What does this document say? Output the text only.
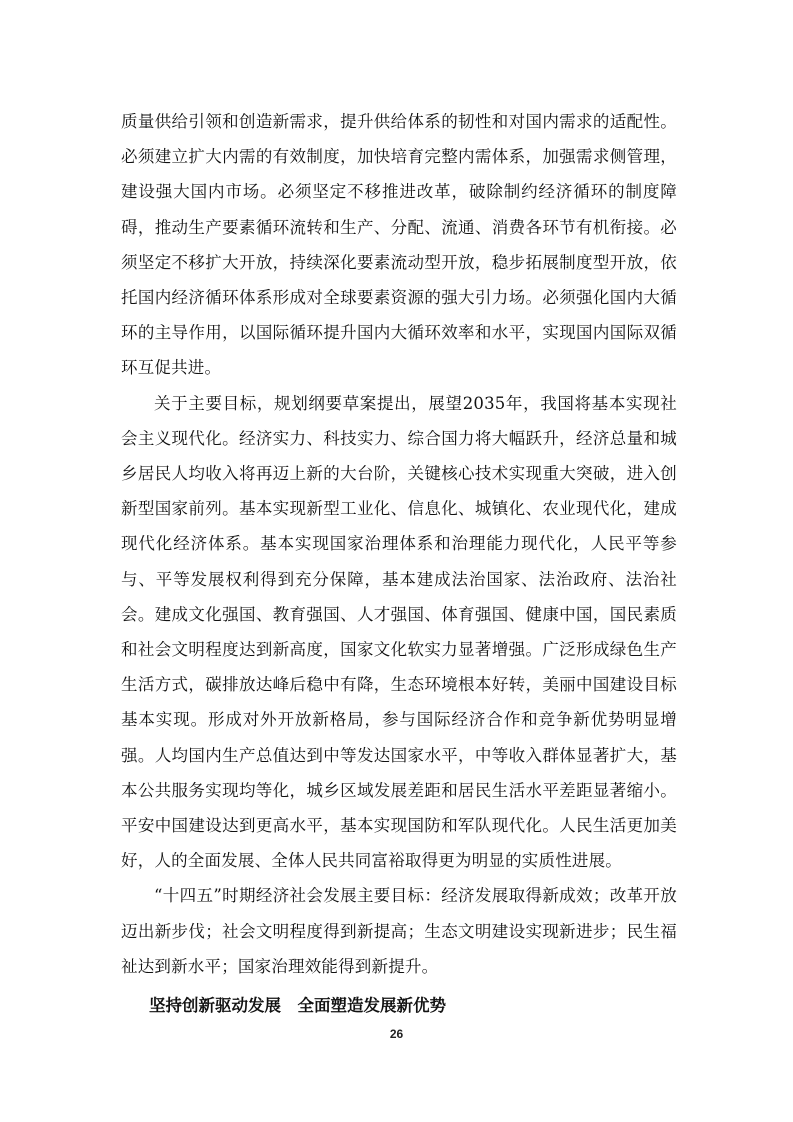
质量供给引领和创造新需求，提升供给体系的韧性和对国内需求的适配性。必须建立扩大内需的有效制度，加快培育完整内需体系，加强需求侧管理，建设强大国内市场。必须坚定不移推进改革，破除制约经济循环的制度障碍，推动生产要素循环流转和生产、分配、流通、消费各环节有机衔接。必须坚定不移扩大开放，持续深化要素流动型开放，稳步拓展制度型开放，依托国内经济循环体系形成对全球要素资源的强大引力场。必须强化国内大循环的主导作用，以国际循环提升国内大循环效率和水平，实现国内国际双循环互促共进。

关于主要目标，规划纲要草案提出，展望2035年，我国将基本实现社会主义现代化。经济实力、科技实力、综合国力将大幅跃升，经济总量和城乡居民人均收入将再迈上新的大台阶，关键核心技术实现重大突破，进入创新型国家前列。基本实现新型工业化、信息化、城镇化、农业现代化，建成现代化经济体系。基本实现国家治理体系和治理能力现代化，人民平等参与、平等发展权利得到充分保障，基本建成法治国家、法治政府、法治社会。建成文化强国、教育强国、人才强国、体育强国、健康中国，国民素质和社会文明程度达到新高度，国家文化软实力显著增强。广泛形成绿色生产生活方式，碳排放达峰后稳中有降，生态环境根本好转，美丽中国建设目标基本实现。形成对外开放新格局，参与国际经济合作和竞争新优势明显增强。人均国内生产总值达到中等发达国家水平，中等收入群体显著扩大，基本公共服务实现均等化，城乡区域发展差距和居民生活水平差距显著缩小。平安中国建设达到更高水平，基本实现国防和军队现代化。人民生活更加美好，人的全面发展、全体人民共同富裕取得更为明显的实质性进展。

“十四五”时期经济社会发展主要目标：经济发展取得新成效；改革开放迈出新步伐；社会文明程度得到新提高；生态文明建设实现新进步；民生福祉达到新水平；国家治理效能得到新提升。

坚持创新驱动发展　全面塑造发展新优势

26
